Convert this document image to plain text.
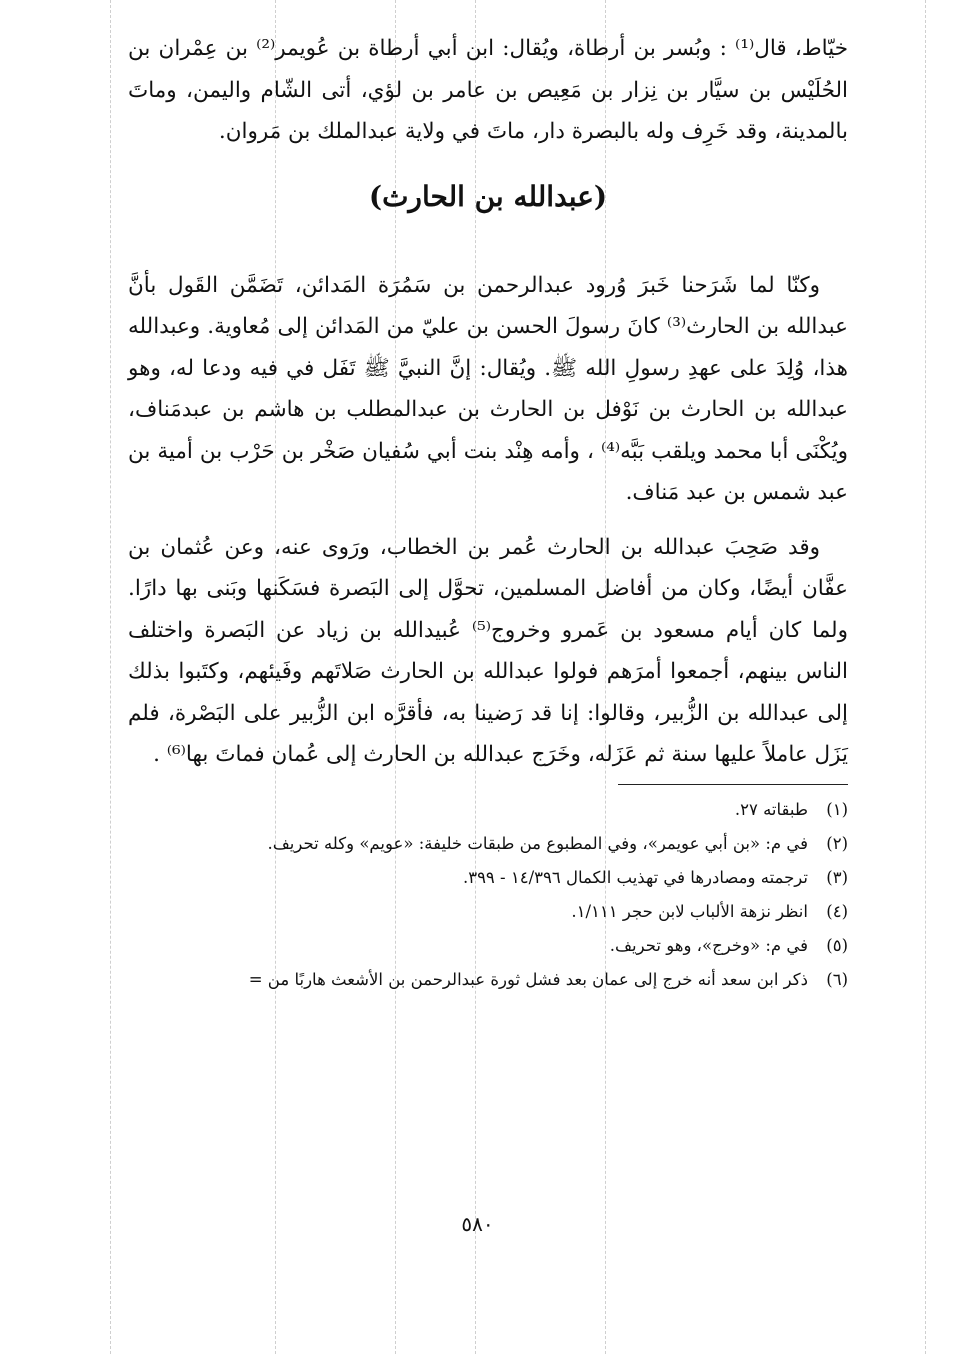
خيّاط، قال⁽¹⁾ : وبُسر بن أرطاة، ويُقال: ابن أبي أرطاة بن عُويمر⁽²⁾ بن عِمْران بن الحُلَيْس بن سيَّار بن نِزار بن مَعِيص بن عامر بن لؤي، أتى الشّام واليمن، وماتَ بالمدينة، وقد خَرِف وله بالبصرة دار، ماتَ في ولاية عبدالملك بن مَروان.

(عبدالله بن الحارث)

وكنّا لما شَرَحنا خَبرَ وُرود عبدالرحمن بن سَمُرَة المَدائن، تَضَمَّن القَول بأنَّ عبدالله بن الحارث⁽³⁾ كانَ رسولَ الحسن بن عليّ من المَدائن إلى مُعاوية. وعبدالله هذا، وُلِدَ على عهدِ رسولِ الله ﷺ. ويُقال: إنَّ النبيَّ ﷺ تَفَل في فيه ودعا له، وهو عبدالله بن الحارث بن نَوْفل بن الحارث بن عبدالمطلب بن هاشم بن عبدمَناف، ويُكْنَى أبا محمد ويلقب بَبَّه⁽⁴⁾ ، وأمه هِنْد بنت أبي سُفيان صَخْر بن حَرْب بن أمية بن عبد شمس بن عبد مَناف.

وقد صَحِبَ عبدالله بن الحارث عُمر بن الخطاب، ورَوى عنه، وعن عُثمان بن عفَّان أيضًا، وكان من أفاضل المسلمين، تحوَّل إلى البَصرة فسَكَنها وبَنى بها دارًا. ولما كان أيام مسعود بن عَمرو وخروج⁽⁵⁾ عُبيدالله بن زياد عن البَصرة واختلف الناس بينهم، أجمعوا أمرَهم فولوا عبدالله بن الحارث صَلاتَهم وفَيئهم، وكتَبوا بذلك إلى عبدالله بن الزُّبير، وقالوا: إنا قد رَضينا به، فأقرَّه ابن الزُّبير على البَصْرة، فلم يَزَل عاملاً عليها سنة ثم عَزَله، وخَرَج عبدالله بن الحارث إلى عُمان فماتَ بها⁽⁶⁾ .

(١)
طبقاته ٢٧.
(٢)
في م: «بن أبي عويمر»، وفي المطبوع من طبقات خليفة: «عويم» وكله تحريف.
(٣)
ترجمته ومصادرها في تهذيب الكمال ١٤/٣٩٦ - ٣٩٩.
(٤)
انظر نزهة الألباب لابن حجر ١/١١١.
(٥)
في م: «وخرج»، وهو تحريف.
(٦)
ذكر ابن سعد أنه خرج إلى عمان بعد فشل ثورة عبدالرحمن بن الأشعث هاربًا من =
٥٨٠
